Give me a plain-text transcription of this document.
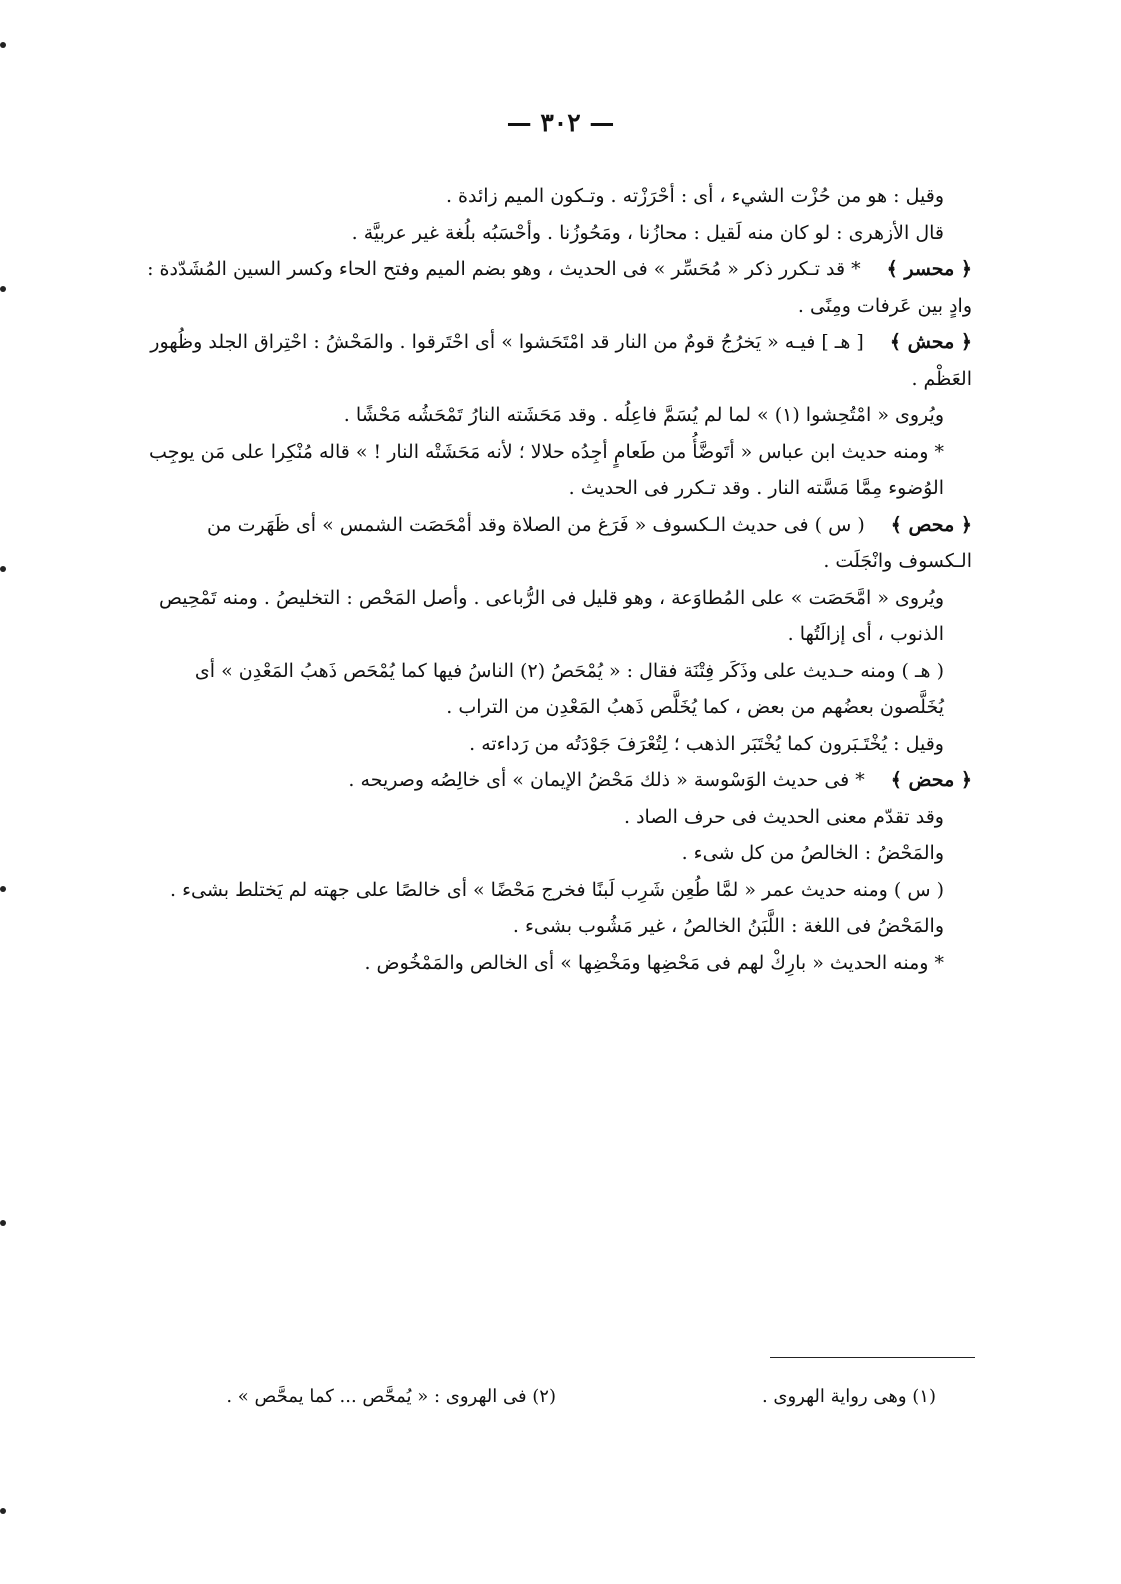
— ٣٠٢ —

وقيل : هو من حُزْت الشيء ، أى : أحْرَزْته . وتـكون الميم زائدة .

قال الأزهرى : لو كان منه لَقيل : محازُنا ، ومَحُوزُنا . وأحْسَبُه بلُغة غير عربيَّة .

﴿ محسر ﴾* قد تـكرر ذكر « مُحَسِّر » فى الحديث ، وهو بضم الميم وفتح الحاء وكسر السين المُشَدّدة : وادٍ بين عَرفات ومِنًى .

﴿ محش ﴾[ هـ ] فيـه « يَخرُجُ قومٌ من النار قد امْتَحَشوا » أى احْتَرقوا . والمَحْشُ : احْتِراق الجلد وظُهور العَظْم .

ويُروى « امْتُحِشوا (١) » لما لم يُسَمَّ فاعِلُه . وقد مَحَشَته النارُ تَمْحَشُه مَحْشًا .

* ومنه حديث ابن عباس « أتَوضَّأُ من طَعامٍ أجِدُه حلالا ؛ لأنه مَحَشَتْه النار ! » قاله مُنْكِرا على مَن يوجِب الوُضوء مِمَّا مَسَّته النار . وقد تـكرر فى الحديث .

﴿ محص ﴾( س ) فى حديث الـكسوف « فَرَغ من الصلاة وقد أمْحَصَت الشمس » أى ظَهَرت من الـكسوف وانْجَلَت .

ويُروى « امَّحَصَت » على المُطاوَعة ، وهو قليل فى الرُّباعى . وأصل المَحْص : التخليصُ . ومنه تَمْحِيص الذنوب ، أى إزالَتُها .

( هـ ) ومنه حـديث على وذَكَر فِتْنَة فقال : « يُمْحَصُ (٢) الناسُ فيها كما يُمْحَص ذَهبُ المَعْدِن » أى يُخَلَّصون بعضُهم من بعض ، كما يُخَلَّص ذَهبُ المَعْدِن من التراب .

وقيل : يُخْتَـبَرون كما يُخْتَبَر الذهب ؛ لِتُعْرَفَ جَوْدَتُه من رَداءته .

﴿ محض ﴾* فى حديث الوَسْوسة « ذلك مَحْضُ الإيمان » أى خالِصُه وصريحه .

وقد تقدّم معنى الحديث فى حرف الصاد .

والمَحْضُ : الخالصُ من كل شىء .

( س ) ومنه حديث عمر « لمَّا طُعِن شَرِب لَبنًا فخرج مَحْضًا » أى خالصًا على جهته لم يَختلط بشىء . والمَحْضُ فى اللغة : اللَّبَنُ الخالصُ ، غير مَشُوب بشىء .

* ومنه الحديث « بارِكْ لهم فى مَحْضِها ومَخْضِها » أى الخالص والمَمْخُوض .

(١) وهى رواية الهروى .
(٢) فى الهروى : « يُمحَّص ... كما يمحَّص » .
